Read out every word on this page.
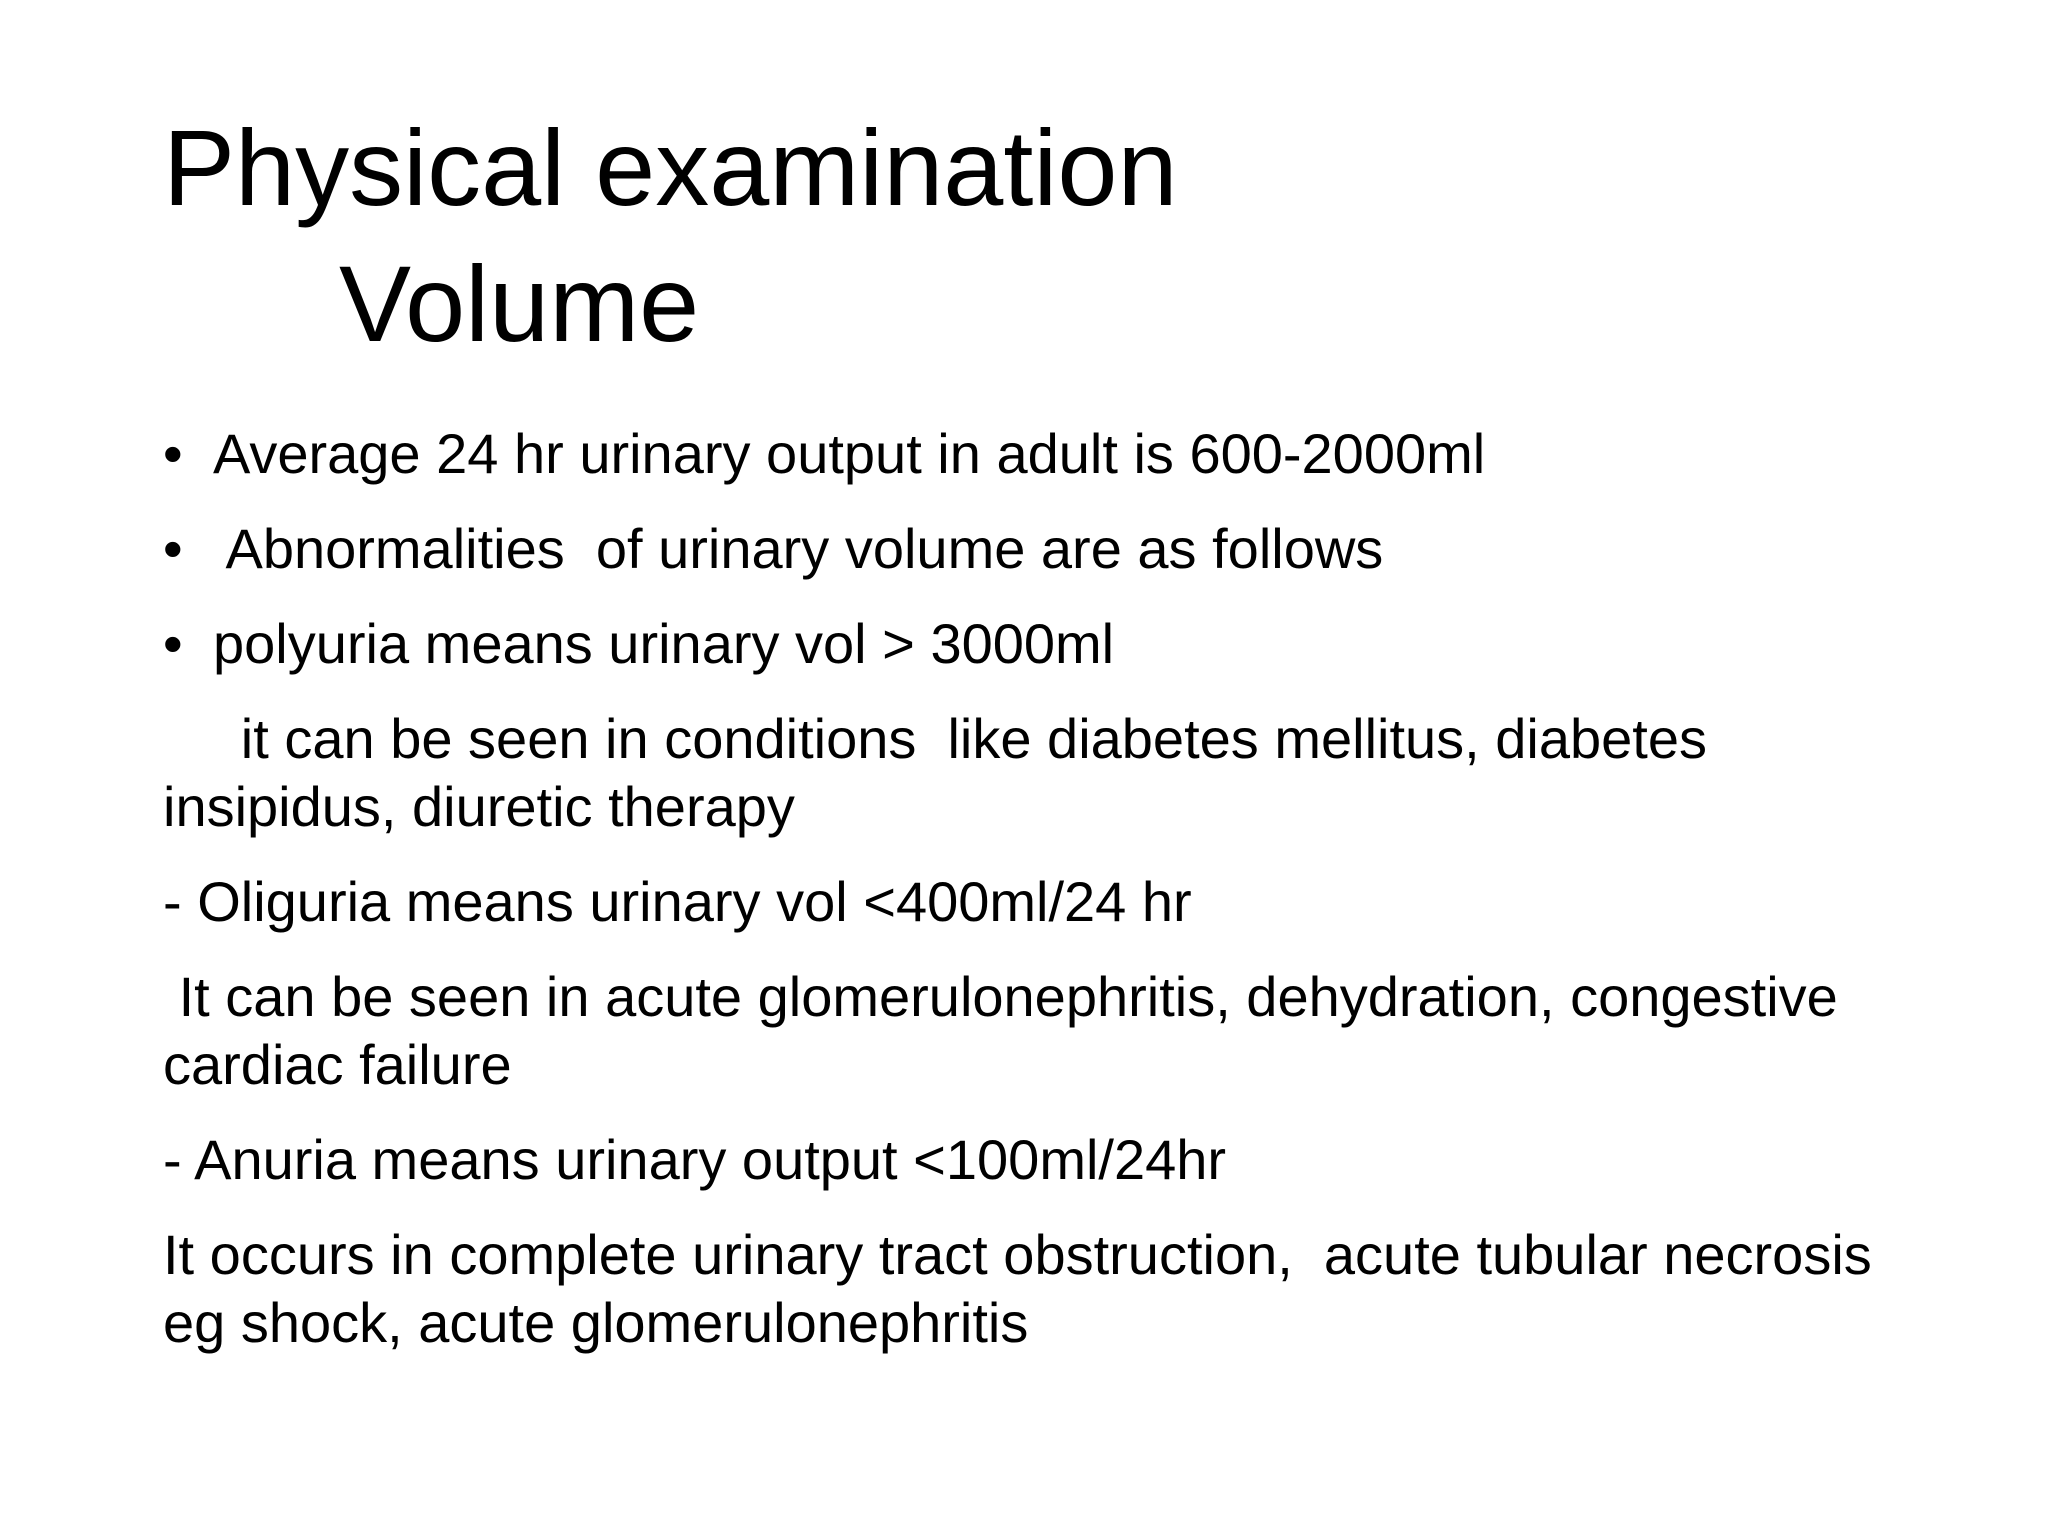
Physical examination
Volume
• Average 24 hr urinary output in adult is 600-2000ml
• Abnormalities  of urinary volume are as follows
• polyuria means urinary vol > 3000ml
it can be seen in conditions  like diabetes mellitus, diabetes insipidus, diuretic therapy
- Oliguria means urinary vol <400ml/24 hr
It can be seen in acute glomerulonephritis, dehydration, congestive cardiac failure
- Anuria means urinary output <100ml/24hr
It occurs in complete urinary tract obstruction,  acute tubular necrosis eg shock, acute glomerulonephritis
